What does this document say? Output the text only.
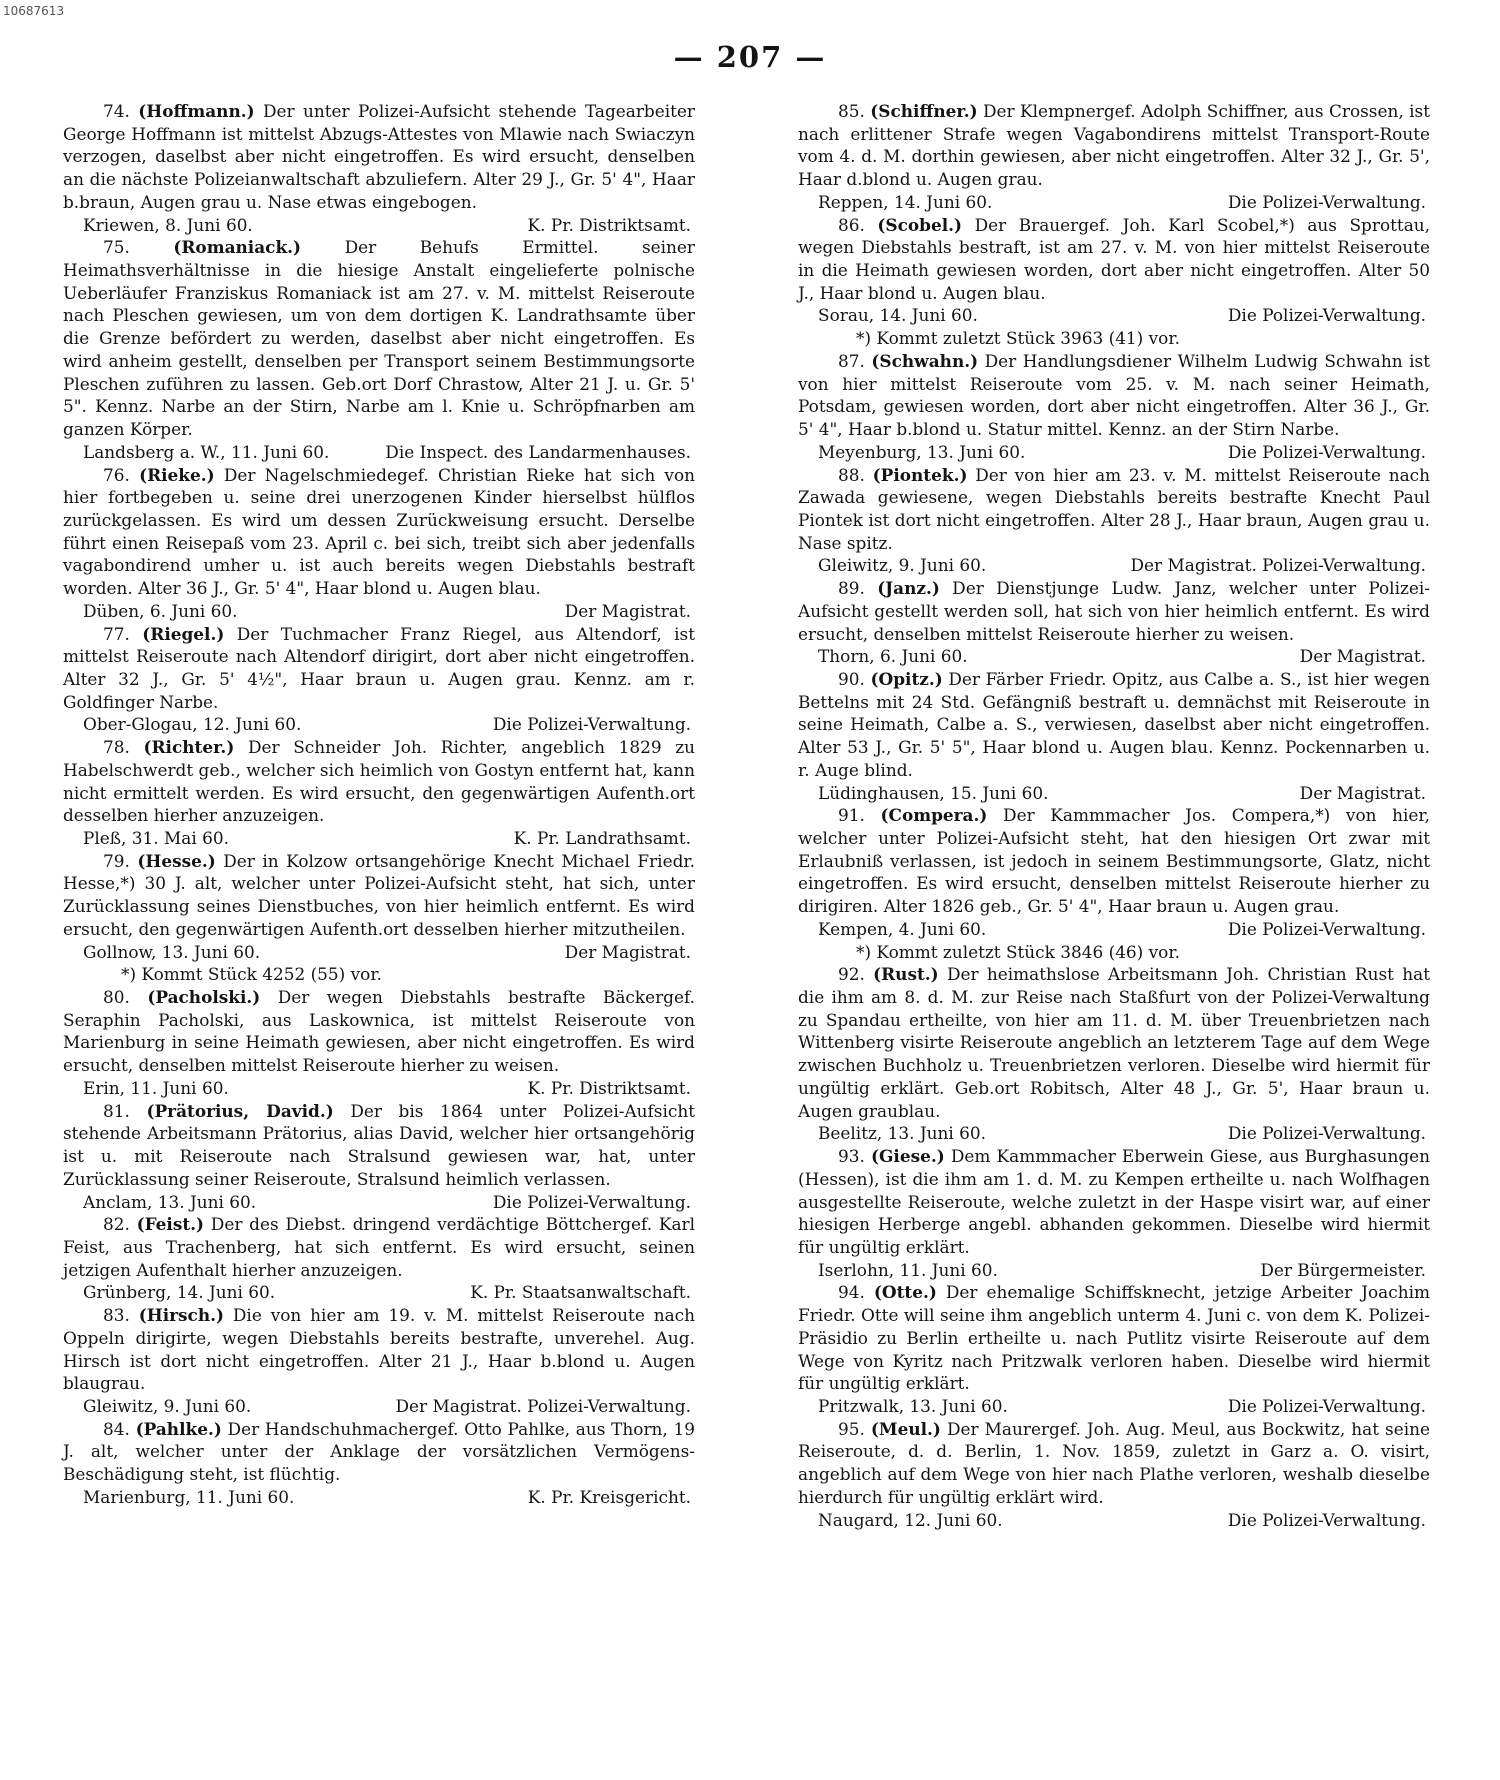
10687613
— 207 —

74. (Hoffmann.) Der unter Polizei-Aufsicht stehende Tagearbeiter George Hoffmann ist mittelst Abzugs-Attestes von Mlawie nach Swiaczyn verzogen, daselbst aber nicht eingetroffen. Es wird ersucht, denselben an die nächste Polizeianwaltschaft abzuliefern. Alter 29 J., Gr. 5' 4", Haar b.braun, Augen grau u. Nase etwas eingebogen.

Kriewen, 8. Juni 60.	K. Pr. Distriktsamt.

75.	(Romaniack.)	Der Behufs Ermittel. seiner Heimathsverhältnisse in die hiesige Anstalt eingelieferte polnische Ueberläufer Franziskus Romaniack ist am 27. v. M. mittelst Reiseroute nach Pleschen gewiesen, um von dem dortigen K. Landrathsamte über die Grenze befördert zu werden, daselbst aber nicht eingetroffen. Es wird anheim gestellt, denselben per Transport seinem Bestimmungsorte Pleschen zuführen zu lassen. Geb.ort Dorf Chrastow, Alter 21 J. u. Gr. 5' 5". Kennz. Narbe an der Stirn, Narbe am l. Knie u. Schröpfnarben am ganzen Körper.

Landsberg a. W., 11. Juni 60.	Die Inspect. des Landarmenhauses.

76. (Rieke.) Der Nagelschmiedegef. Christian Rieke hat sich von hier fortbegeben u. seine drei unerzogenen Kinder hierselbst hülflos zurückgelassen. Es wird um dessen Zurückweisung ersucht. Derselbe führt einen Reisepaß vom 23. April c. bei sich, treibt sich aber jedenfalls vagabondirend umher u. ist auch bereits wegen Diebstahls bestraft worden. Alter 36 J., Gr. 5' 4", Haar blond u. Augen blau.

Düben, 6. Juni 60.	Der Magistrat.

77. (Riegel.) Der Tuchmacher Franz Riegel, aus Altendorf, ist mittelst Reiseroute nach Altendorf dirigirt, dort aber nicht eingetroffen. Alter 32 J., Gr. 5' 4½", Haar braun u. Augen grau. Kennz. am r. Goldfinger Narbe.

Ober-Glogau, 12. Juni 60.	Die Polizei-Verwaltung.

78. (Richter.) Der Schneider Joh. Richter, angeblich 1829 zu Habelschwerdt geb., welcher sich heimlich von Gostyn entfernt hat, kann nicht ermittelt werden. Es wird ersucht, den gegenwärtigen Aufenth.ort desselben hierher anzuzeigen.

Pleß, 31. Mai 60.	K. Pr. Landrathsamt.

79. (Hesse.) Der in Kolzow ortsangehörige Knecht Michael Friedr. Hesse,*) 30 J. alt, welcher unter Polizei-Aufsicht steht, hat sich, unter Zurücklassung seines Dienstbuches, von hier heimlich entfernt. Es wird ersucht, den gegenwärtigen Aufenth.ort desselben hierher mitzutheilen.

Gollnow, 13. Juni 60.	Der Magistrat.
*) Kommt Stück 4252 (55) vor.

80. (Pacholski.) Der wegen Diebstahls bestrafte Bäckergef. Seraphin Pacholski, aus Laskownica, ist mittelst Reiseroute von Marienburg in seine Heimath gewiesen, aber nicht eingetroffen. Es wird ersucht, denselben mittelst Reiseroute hierher zu weisen.

Erin, 11. Juni 60.	K. Pr. Distriktsamt.

81. (Prätorius, David.) Der bis 1864 unter Polizei-Aufsicht stehende Arbeitsmann Prätorius, alias David, welcher hier ortsangehörig ist u. mit Reiseroute nach Stralsund gewiesen war, hat, unter Zurücklassung seiner Reiseroute, Stralsund heimlich verlassen.

Anclam, 13. Juni 60.	Die Polizei-Verwaltung.

82. (Feist.) Der des Diebst. dringend verdächtige Böttchergef. Karl Feist, aus Trachenberg, hat sich entfernt. Es wird ersucht, seinen jetzigen Aufenthalt hierher anzuzeigen.

Grünberg, 14. Juni 60.	K. Pr. Staatsanwaltschaft.

83. (Hirsch.) Die von hier am 19. v. M. mittelst Reiseroute nach Oppeln dirigirte, wegen Diebstahls bereits bestrafte, unverehel. Aug. Hirsch ist dort nicht eingetroffen. Alter 21 J., Haar b.blond u. Augen blaugrau.

Gleiwitz, 9. Juni 60.	Der Magistrat. Polizei-Verwaltung.

84. (Pahlke.) Der Handschuhmachergef. Otto Pahlke, aus Thorn, 19 J. alt, welcher unter der Anklage der vorsätzlichen Vermögens-Beschädigung steht, ist flüchtig.

Marienburg, 11. Juni 60.	K. Pr. Kreisgericht.

85. (Schiffner.) Der Klempnergef. Adolph Schiffner, aus Crossen, ist nach erlittener Strafe wegen Vagabondirens mittelst Transport-Route vom 4. d. M. dorthin gewiesen, aber nicht eingetroffen. Alter 32 J., Gr. 5', Haar d.blond u. Augen grau.

Reppen, 14. Juni 60.	Die Polizei-Verwaltung.

86. (Scobel.) Der Brauergef. Joh. Karl Scobel,*) aus Sprottau, wegen Diebstahls bestraft, ist am 27. v. M. von hier mittelst Reiseroute in die Heimath gewiesen worden, dort aber nicht eingetroffen. Alter 50 J., Haar blond u. Augen blau.

Sorau, 14. Juni 60.	Die Polizei-Verwaltung.
*) Kommt zuletzt Stück 3963 (41) vor.

87. (Schwahn.) Der Handlungsdiener Wilhelm Ludwig Schwahn ist von hier mittelst Reiseroute vom 25. v. M. nach seiner Heimath, Potsdam, gewiesen worden, dort aber nicht eingetroffen. Alter 36 J., Gr. 5' 4", Haar b.blond u. Statur mittel. Kennz. an der Stirn Narbe.

Meyenburg, 13. Juni 60.	Die Polizei-Verwaltung.

88. (Piontek.) Der von hier am 23. v. M. mittelst Reiseroute nach Zawada gewiesene, wegen Diebstahls bereits bestrafte Knecht Paul Piontek ist dort nicht eingetroffen. Alter 28 J., Haar braun, Augen grau u. Nase spitz.

Gleiwitz, 9. Juni 60.	Der Magistrat. Polizei-Verwaltung.

89. (Janz.) Der Dienstjunge Ludw. Janz, welcher unter Polizei-Aufsicht gestellt werden soll, hat sich von hier heimlich entfernt. Es wird ersucht, denselben mittelst Reiseroute hierher zu weisen.

Thorn, 6. Juni 60.	Der Magistrat.

90. (Opitz.) Der Färber Friedr. Opitz, aus Calbe a. S., ist hier wegen Bettelns mit 24 Std. Gefängniß bestraft u. demnächst mit Reiseroute in seine Heimath, Calbe a. S., verwiesen, daselbst aber nicht eingetroffen. Alter 53 J., Gr. 5' 5", Haar blond u. Augen blau. Kennz. Pockennarben u. r. Auge blind.

Lüdinghausen, 15. Juni 60.	Der Magistrat.

91. (Compera.) Der Kammmacher Jos. Compera,*) von hier, welcher unter Polizei-Aufsicht steht, hat den hiesigen Ort zwar mit Erlaubniß verlassen, ist jedoch in seinem Bestimmungsorte, Glatz, nicht eingetroffen. Es wird ersucht, denselben mittelst Reiseroute hierher zu dirigiren. Alter 1826 geb., Gr. 5' 4", Haar braun u. Augen grau.

Kempen, 4. Juni 60.	Die Polizei-Verwaltung.
*) Kommt zuletzt Stück 3846 (46) vor.

92. (Rust.) Der heimathslose Arbeitsmann Joh. Christian Rust hat die ihm am 8. d. M. zur Reise nach Staßfurt von der Polizei-Verwaltung zu Spandau ertheilte, von hier am 11. d. M. über Treuenbrietzen nach Wittenberg visirte Reiseroute angeblich an letzterem Tage auf dem Wege zwischen Buchholz u. Treuenbrietzen verloren. Dieselbe wird hiermit für ungültig erklärt. Geb.ort Robitsch, Alter 48 J., Gr. 5', Haar braun u. Augen graublau.

Beelitz, 13. Juni 60.	Die Polizei-Verwaltung.

93. (Giese.) Dem Kammmacher Eberwein Giese, aus Burghasungen (Hessen), ist die ihm am 1. d. M. zu Kempen ertheilte u. nach Wolfhagen ausgestellte Reiseroute, welche zuletzt in der Haspe visirt war, auf einer hiesigen Herberge angebl. abhanden gekommen. Dieselbe wird hiermit für ungültig erklärt.

Iserlohn, 11. Juni 60.	Der Bürgermeister.

94. (Otte.) Der ehemalige Schiffsknecht, jetzige Arbeiter Joachim Friedr. Otte will seine ihm angeblich unterm 4. Juni c. von dem K. Polizei-Präsidio zu Berlin ertheilte u. nach Putlitz visirte Reiseroute auf dem Wege von Kyritz nach Pritzwalk verloren haben. Dieselbe wird hiermit für ungültig erklärt.

Pritzwalk, 13. Juni 60.	Die Polizei-Verwaltung.

95. (Meul.) Der Maurergef. Joh. Aug. Meul, aus Bockwitz, hat seine Reiseroute, d. d. Berlin, 1. Nov. 1859, zuletzt in Garz a. O. visirt, angeblich auf dem Wege von hier nach Plathe verloren, weshalb dieselbe hierdurch für ungültig erklärt wird.

Naugard, 12. Juni 60.	Die Polizei-Verwaltung.
